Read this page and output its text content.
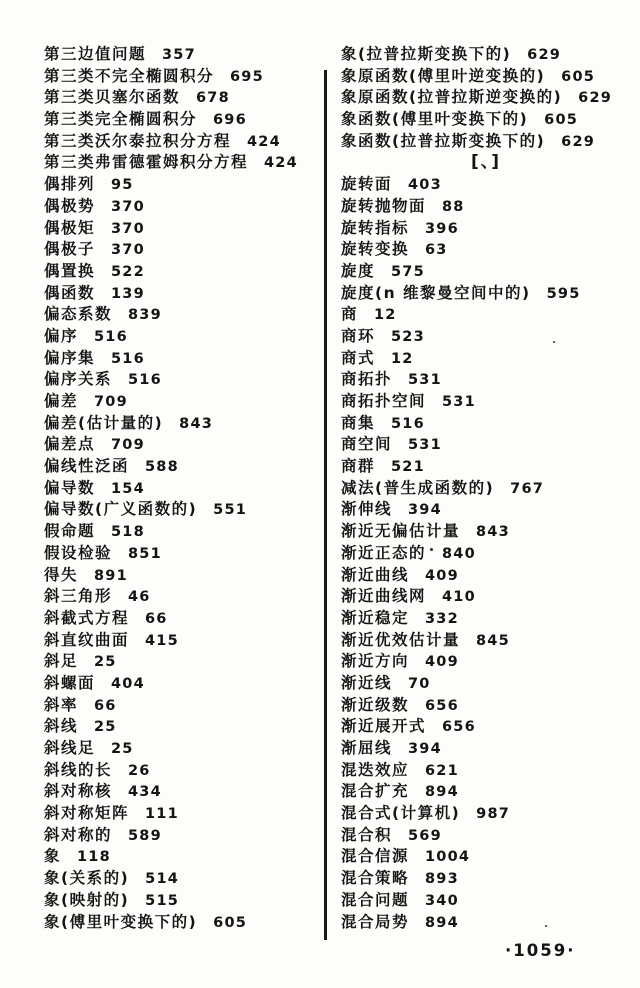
第三边值问题 357
第三类不完全椭圆积分 695
第三类贝塞尔函数 678
第三类完全椭圆积分 696
第三类沃尔泰拉积分方程 424
第三类弗雷德霍姆积分方程 424
偶排列 95
偶极势 370
偶极矩 370
偶极子 370
偶置换 522
偶函数 139
偏态系数 839
偏序 516
偏序集 516
偏序关系 516
偏差 709
偏差(估计量的) 843
偏差点 709
偏线性泛函 588
偏导数 154
偏导数(广义函数的) 551
假命题 518
假设检验 851
得失 891
斜三角形 46
斜截式方程 66
斜直纹曲面 415
斜足 25
斜螺面 404
斜率 66
斜线 25
斜线足 25
斜线的长 26
斜对称核 434
斜对称矩阵 111
斜对称的 589
象 118
象(关系的) 514
象(映射的) 515
象(傅里叶变换下的) 605
象(拉普拉斯变换下的) 629
象原函数(傅里叶逆变换的) 605
象原函数(拉普拉斯逆变换的) 629
象函数(傅里叶变换下的) 605
象函数(拉普拉斯变换下的) 629
[、]
旋转面 403
旋转抛物面 88
旋转指标 396
旋转变换 63
旋度 575
旋度(n 维黎曼空间中的) 595
商 12
商环 523
商式 12
商拓扑 531
商拓扑空间 531
商集 516
商空间 531
商群 521
减法(普生成函数的) 767
渐伸线 394
渐近无偏估计量 843
渐近正态的 840
渐近曲线 409
渐近曲线网 410
渐近稳定 332
渐近优效估计量 845
渐近方向 409
渐近线 70
渐近级数 656
渐近展开式 656
渐屈线 394
混迭效应 621
混合扩充 894
混合式(计算机) 987
混合积 569
混合信源 1004
混合策略 893
混合问题 340
混合局势 894
·1059·
